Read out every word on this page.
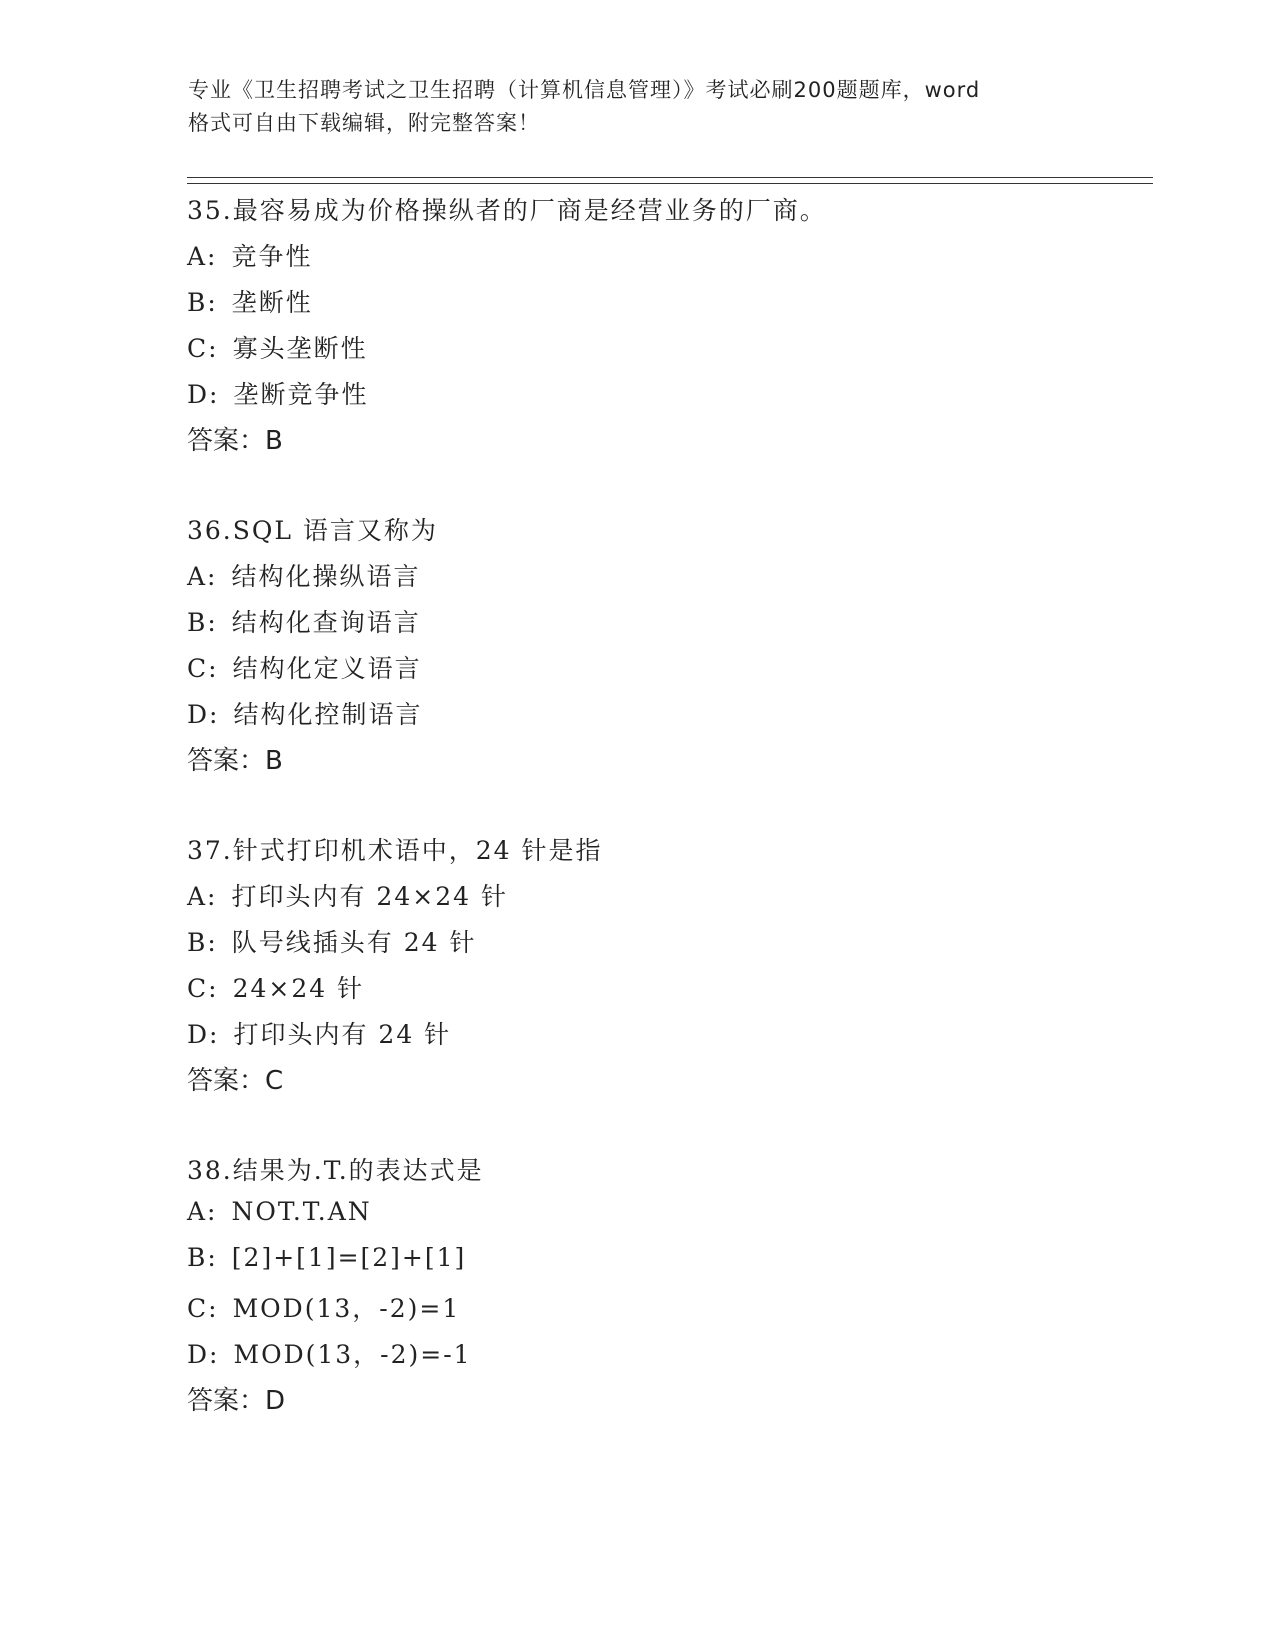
专业《卫生招聘考试之卫生招聘（计算机信息管理）》考试必刷200题题库，word
格式可自由下载编辑，附完整答案！
35.最容易成为价格操纵者的厂商是经营业务的厂商。
A: 竞争性
B: 垄断性
C: 寡头垄断性
D: 垄断竞争性
答案：B
36.SQL 语言又称为
A: 结构化操纵语言
B: 结构化查询语言
C: 结构化定义语言
D: 结构化控制语言
答案：B
37.针式打印机术语中，24 针是指
A: 打印头内有 24×24 针
B: 队号线插头有 24 针
C: 24×24 针
D: 打印头内有 24 针
答案：C
38.结果为.T.的表达式是
A: NOT.T.AN
B: [2]+[1]=[2]+[1]
C: MOD(13，-2)=1
D: MOD(13，-2)=-1
答案：D
